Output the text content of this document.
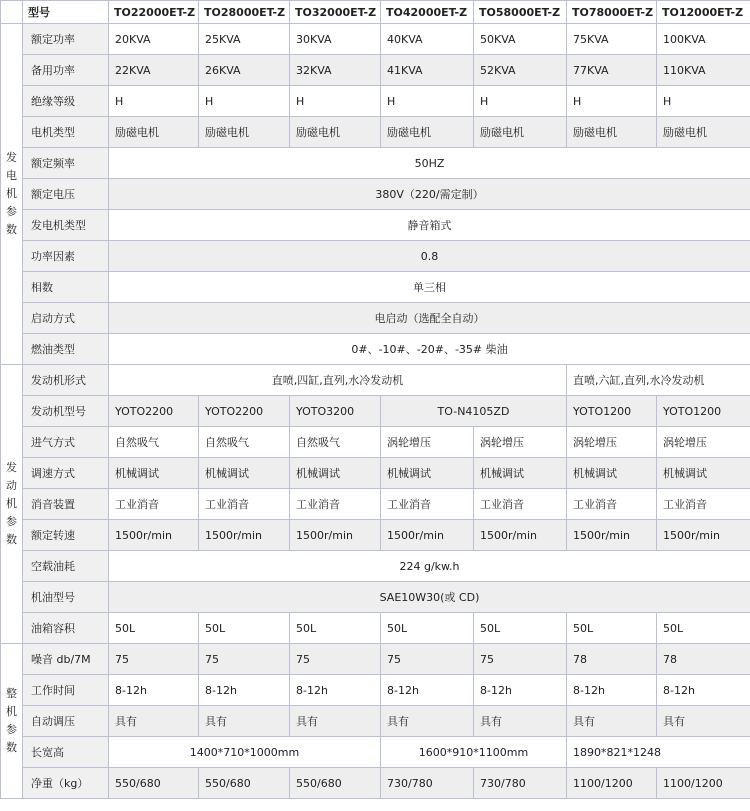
	型号	TO22000ET-Z	TO28000ET-Z	TO32000ET-Z	TO42000ET-Z	TO58000ET-Z	TO78000ET-Z	TO12000ET-Z

发电机参数	额定功率	20KVA	25KVA	30KVA	40KVA	50KVA	75KVA	100KVA
	备用功率	22KVA	26KVA	32KVA	41KVA	52KVA	77KVA	110KVA
	绝缘等级	H	H	H	H	H	H	H
	电机类型	励磁电机	励磁电机	励磁电机	励磁电机	励磁电机	励磁电机	励磁电机
	额定频率	50HZ						
	额定电压	380V（220/需定制）						
	发电机类型	静音箱式						
	功率因素	0.8						
	相数	单三相						
	启动方式	电启动（选配全自动）						
	燃油类型	0#、-10#、-20#、-35# 柴油						

发动机参数	发动机形式	直喷,四缸,直列,水冷发动机					直喷,六缸,直列,水冷发动机	
	发动机型号	YOTO2200	YOTO2200	YOTO3200	TO-N4105ZD		YOTO1200	YOTO1200
	进气方式	自然吸气	自然吸气	自然吸气	涡轮增压	涡轮增压	涡轮增压	涡轮增压
	调速方式	机械调试	机械调试	机械调试	机械调试	机械调试	机械调试	机械调试
	消音装置	工业消音	工业消音	工业消音	工业消音	工业消音	工业消音	工业消音
	额定转速	1500r/min	1500r/min	1500r/min	1500r/min	1500r/min	1500r/min	1500r/min
	空载油耗	224 g/kw.h						
	机油型号	SAE10W30(或 CD)						
	油箱容积	50L	50L	50L	50L	50L	50L	50L

整机参数	噪音 db/7M	75	75	75	75	75	78	78
	工作时间	8-12h	8-12h	8-12h	8-12h	8-12h	8-12h	8-12h
	自动调压	具有	具有	具有	具有	具有	具有	具有
	长宽高	1400*710*1000mm			1600*910*1100mm		1890*821*1248	
	净重（kg）	550/680	550/680	550/680	730/780	730/780	1100/1200	1100/1200
